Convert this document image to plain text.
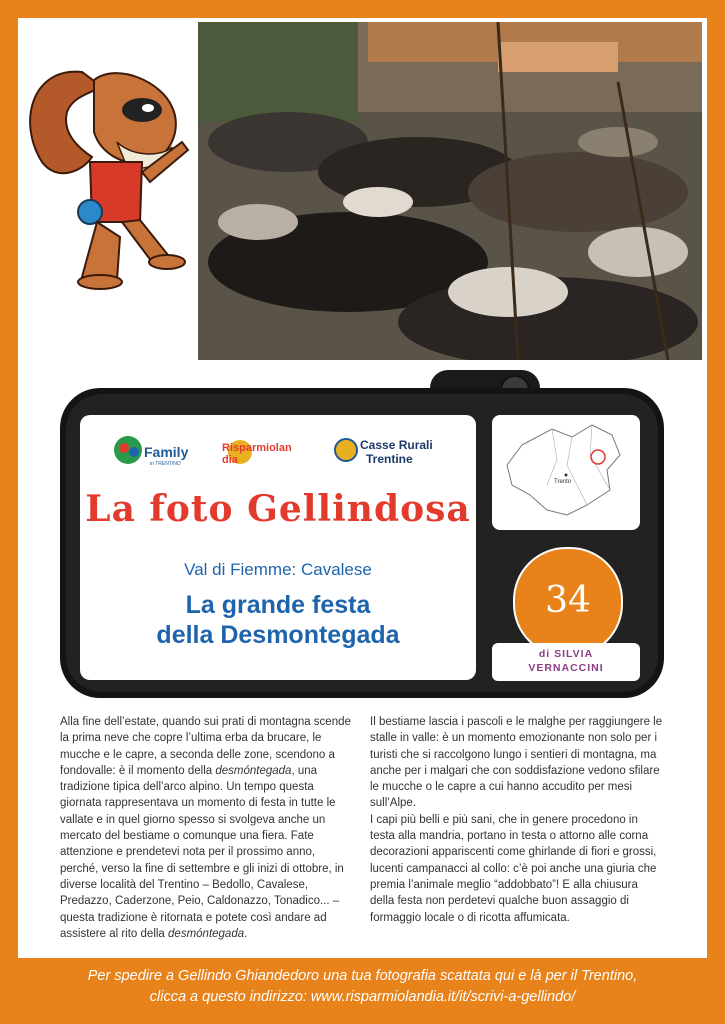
Family
in TRENTINO
Risparmiolandia
Casse Rurali
Trentine
La foto Gellindosa
Val di Fiemme: Cavalese
La grande festa
della Desmontegada
Trento
34
di SILVIA
VERNACCINI

Alla fine dell’estate, quando sui prati di montagna scende la prima neve che copre l’ultima erba da brucare, le mucche e le capre, a seconda delle zone, scendono a fondovalle: è il momento della desmóntegada, una tradizione tipica dell’arco alpino. Un tempo questa giornata rappresentava un momento di festa in tutte le vallate e in quel giorno spesso si svolgeva anche un mercato del bestiame o comunque una fiera. Fate attenzione e prendetevi nota per il prossimo anno, perché, verso la fine di settembre e gli inizi di ottobre, in diverse località del Trentino – Bedollo, Cavalese, Predazzo, Caderzone, Peio, Caldonazzo, Tonadico... – questa tradizione è ritornata e potete così andare ad assistere al rito della desmóntegada.

Il bestiame lascia i pascoli e le malghe per raggiungere le stalle in valle: è un momento emozionante non solo per i turisti che si raccolgono lungo i sentieri di montagna, ma anche per i malgari che con soddisfazione vedono sfilare le mucche o le capre a cui hanno accudito per mesi sull’Alpe.

I capi più belli e più sani, che in genere procedono in testa alla mandria, portano in testa o attorno alle corna decorazioni appariscenti come ghirlande di fiori e grossi, lucenti campanacci al collo: c’è poi anche una giuria che premia l’animale meglio “addobbato”! E alla chiusura della festa non perdetevi qualche buon assaggio di formaggio locale o di ricotta affumicata.

Per spedire a Gellindo Ghiandedoro una tua fotografia scattata qui e là per il Trentino,
clicca a questo indirizzo: www.risparmiolandia.it/it/scrivi-a-gellindo/
